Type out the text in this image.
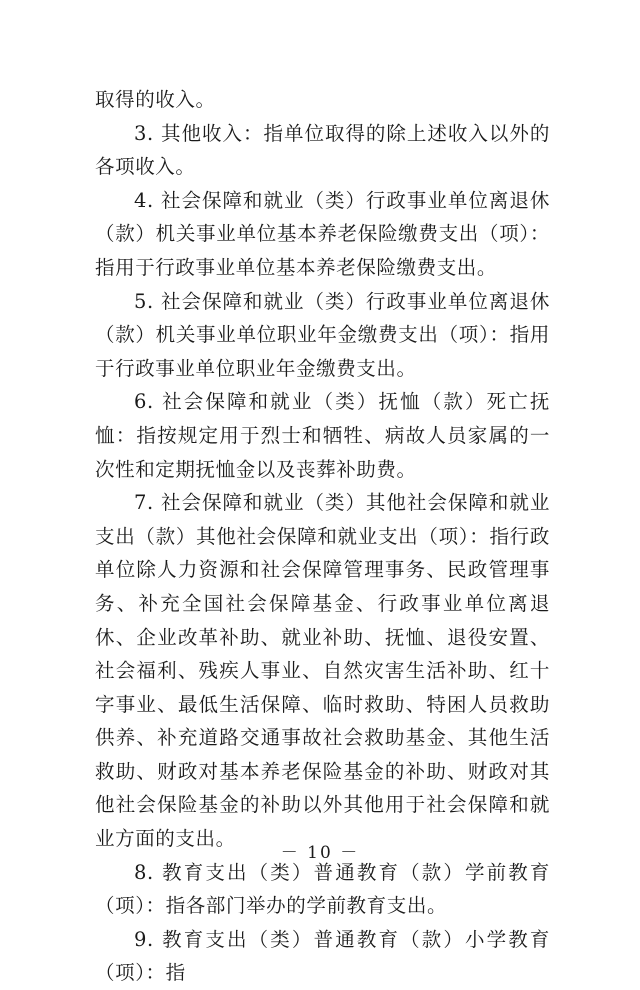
取得的收入。

3. 其他收入：指单位取得的除上述收入以外的各项收入。

4. 社会保障和就业（类）行政事业单位离退休（款）机关事业单位基本养老保险缴费支出（项）：指用于行政事业单位基本养老保险缴费支出。

5. 社会保障和就业（类）行政事业单位离退休（款）机关事业单位职业年金缴费支出（项）：指用于行政事业单位职业年金缴费支出。

6. 社会保障和就业（类）抚恤（款）死亡抚恤：指按规定用于烈士和牺牲、病故人员家属的一次性和定期抚恤金以及丧葬补助费。

7. 社会保障和就业（类）其他社会保障和就业支出（款）其他社会保障和就业支出（项）：指行政单位除人力资源和社会保障管理事务、民政管理事务、补充全国社会保障基金、行政事业单位离退休、企业改革补助、就业补助、抚恤、退役安置、社会福利、残疾人事业、自然灾害生活补助、红十字事业、最低生活保障、临时救助、特困人员救助供养、补充道路交通事故社会救助基金、其他生活救助、财政对基本养老保险基金的补助、财政对其他社会保险基金的补助以外其他用于社会保障和就业方面的支出。

8. 教育支出（类）普通教育（款）学前教育（项）：指各部门举办的学前教育支出。

9. 教育支出（类）普通教育（款）小学教育（项）：指

－ 10 －
